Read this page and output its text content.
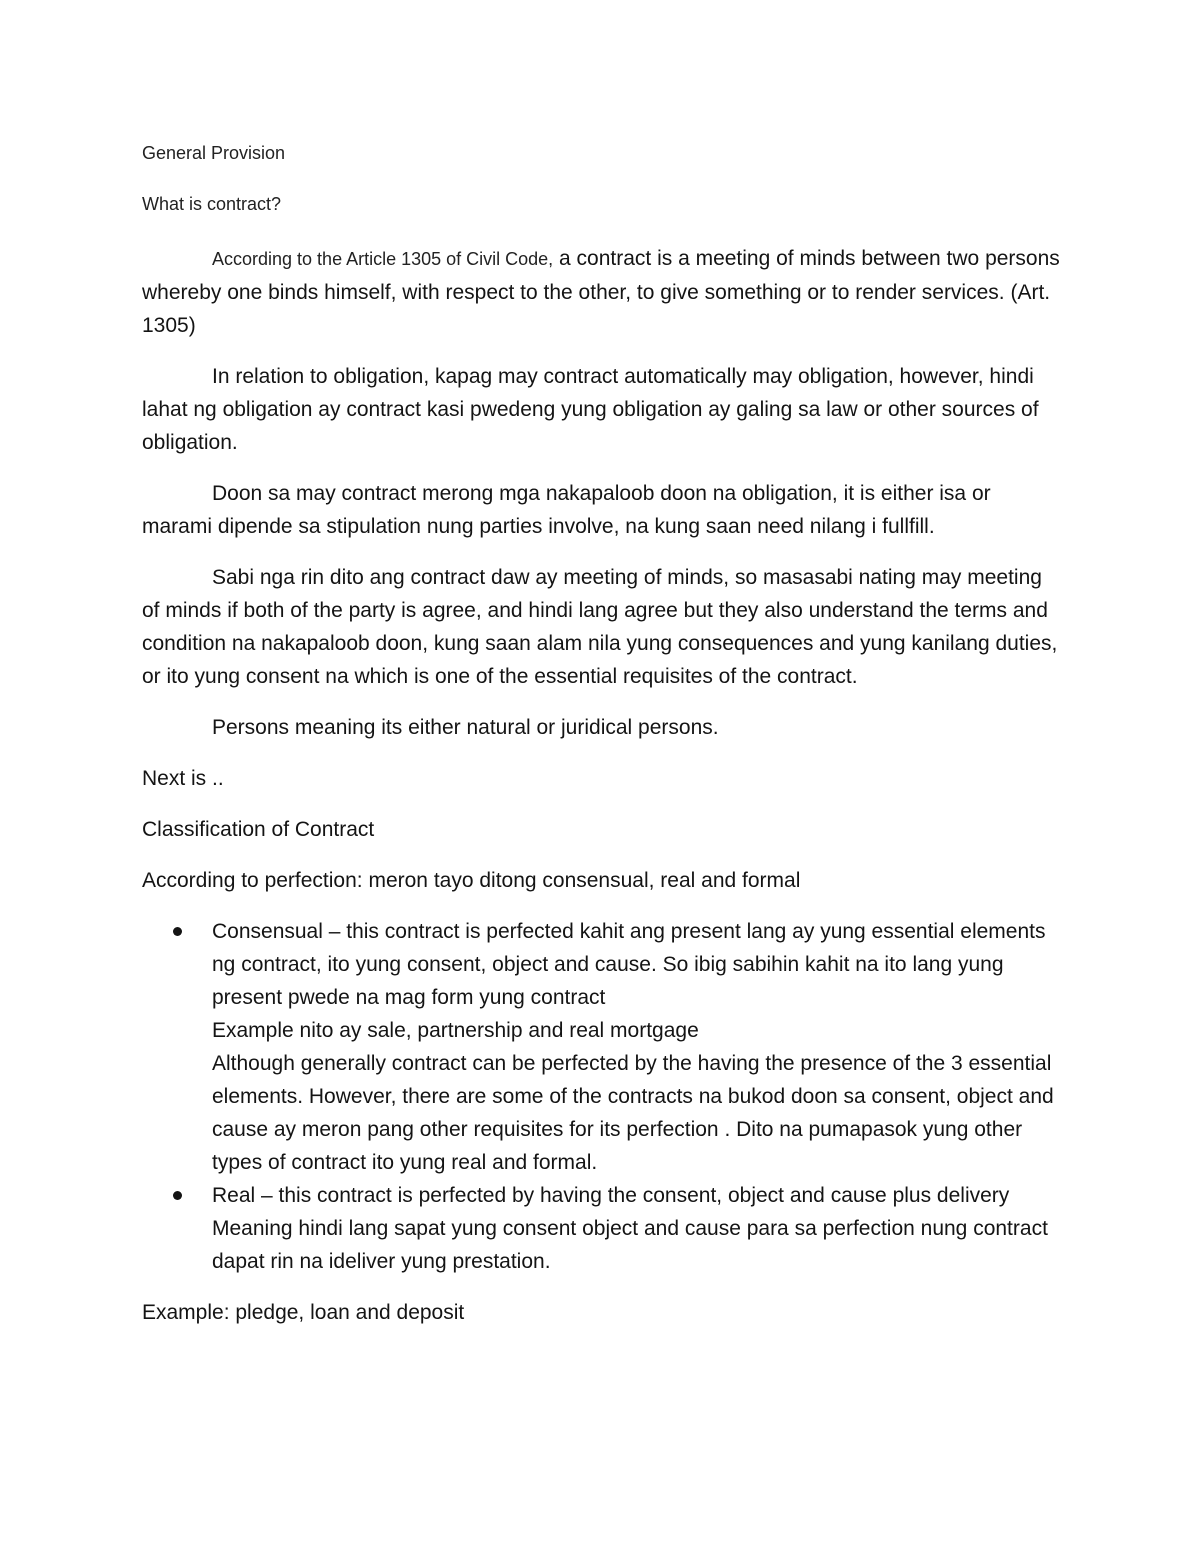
General Provision

What is contract?

According to the Article 1305 of Civil Code, a contract is a meeting of minds between two persons whereby one binds himself, with respect to the other, to give something or to render services. (Art. 1305)

In relation to obligation, kapag may contract automatically may obligation, however, hindi lahat ng obligation ay contract kasi pwedeng yung obligation ay galing sa law or other sources of obligation.

Doon sa may contract merong mga nakapaloob doon na obligation, it is either isa or marami dipende sa stipulation nung parties involve, na kung saan need nilang i fullfill.

Sabi nga rin dito ang contract daw ay meeting of minds, so masasabi nating may meeting of minds if both of the party is agree, and hindi lang agree but they also understand the terms and condition na nakapaloob doon, kung saan alam nila yung consequences and yung kanilang duties, or ito yung consent na which is one of the essential requisites of the contract.

Persons meaning its either natural or juridical persons.

Next is ..

Classification of Contract

According to perfection: meron tayo ditong consensual, real and formal

Consensual – this contract is perfected kahit ang present lang ay yung essential elements ng contract, ito yung consent, object and cause. So ibig sabihin kahit na ito lang yung present pwede na mag form yung contract
Example nito ay sale, partnership and real mortgage
Although generally contract can be perfected by the having the presence of the 3 essential elements. However, there are some of the contracts na bukod doon sa consent, object and cause ay meron pang other requisites for its perfection . Dito na pumapasok yung other types of contract ito yung real and formal.
Real – this contract is perfected by having the consent, object and cause plus delivery
Meaning hindi lang sapat yung consent object and cause para sa perfection nung contract dapat rin na ideliver yung prestation.

Example: pledge, loan and deposit
